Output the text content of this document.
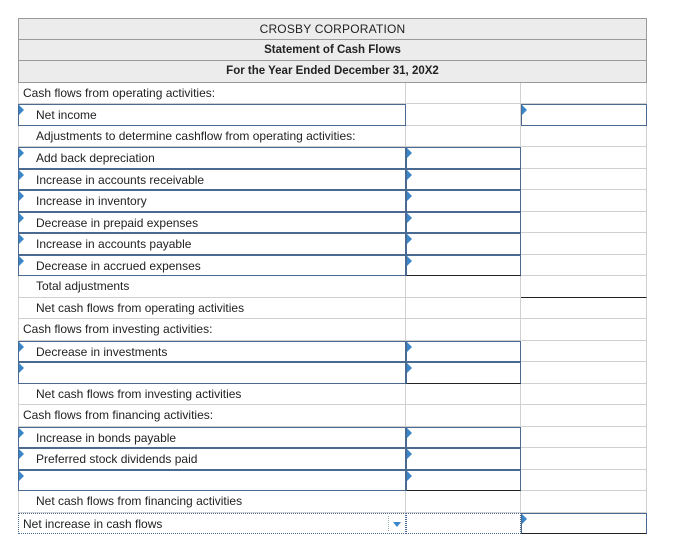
CROSBY CORPORATION
Statement of Cash Flows
For the Year Ended December 31, 20X2
Cash flows from operating activities:
Net income
Adjustments to determine cashflow from operating activities:
Add back depreciation
Increase in accounts receivable
Increase in inventory
Decrease in prepaid expenses
Increase in accounts payable
Decrease in accrued expenses
Total adjustments
Net cash flows from operating activities
Cash flows from investing activities:
Decrease in investments
Net cash flows from investing activities
Cash flows from financing activities:
Increase in bonds payable
Preferred stock dividends paid
Net cash flows from financing activities
Net increase in cash flows
